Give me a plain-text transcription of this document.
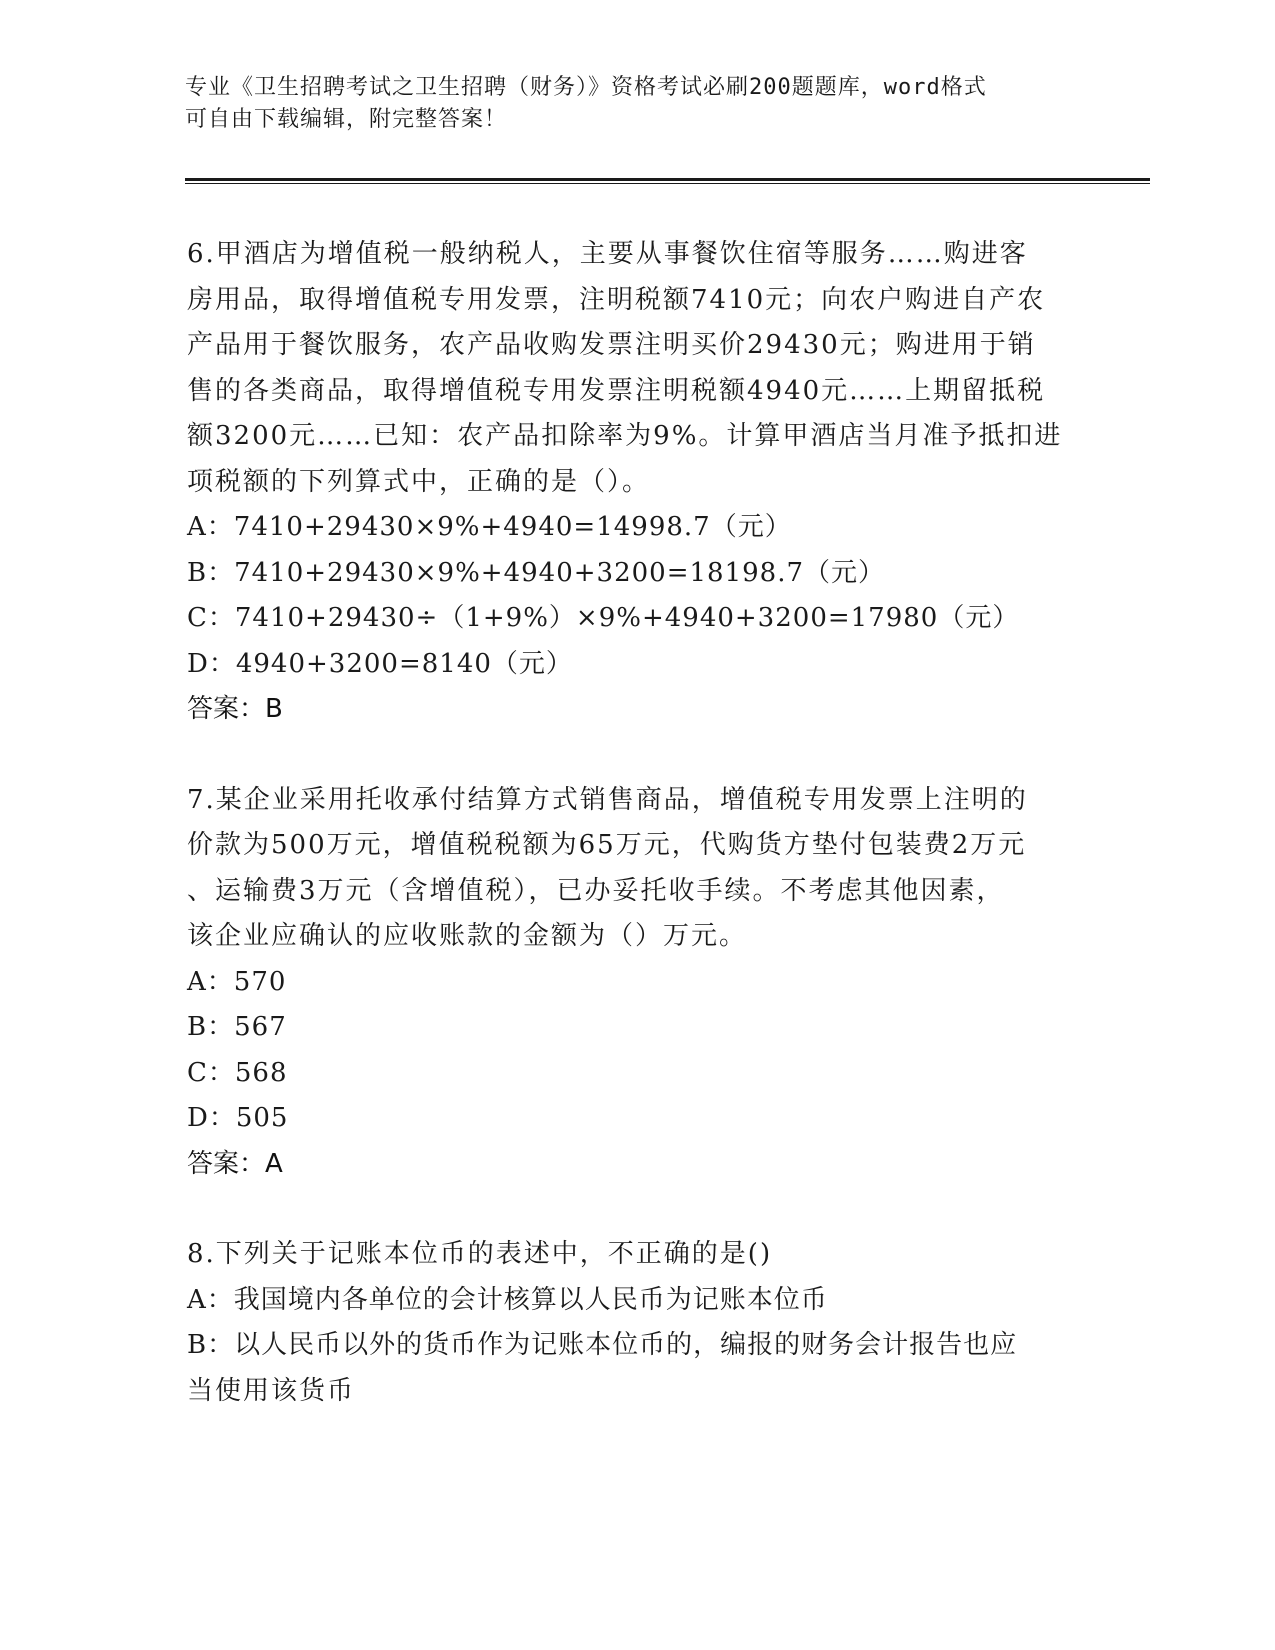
专业《卫生招聘考试之卫生招聘（财务）》资格考试必刷200题题库，word格式
可自由下载编辑，附完整答案！
6.甲酒店为增值税一般纳税人，主要从事餐饮住宿等服务……购进客
房用品，取得增值税专用发票，注明税额7410元；向农户购进自产农
产品用于餐饮服务，农产品收购发票注明买价29430元；购进用于销
售的各类商品，取得增值税专用发票注明税额4940元……上期留抵税
额3200元……已知：农产品扣除率为9%。计算甲酒店当月准予抵扣进
项税额的下列算式中，正确的是（）。
A：7410+29430×9%+4940=14998.7（元）
B：7410+29430×9%+4940+3200=18198.7（元）
C：7410+29430÷（1+9%）×9%+4940+3200=17980（元）
D：4940+3200=8140（元）
答案：B
7.某企业采用托收承付结算方式销售商品，增值税专用发票上注明的
价款为500万元，增值税税额为65万元，代购货方垫付包装费2万元
、运输费3万元（含增值税），已办妥托收手续。不考虑其他因素，
该企业应确认的应收账款的金额为（）万元。
A：570
B：567
C：568
D：505
答案：A
8.下列关于记账本位币的表述中，不正确的是()
A：我国境内各单位的会计核算以人民币为记账本位币
B：以人民币以外的货币作为记账本位币的，编报的财务会计报告也应
当使用该货币
